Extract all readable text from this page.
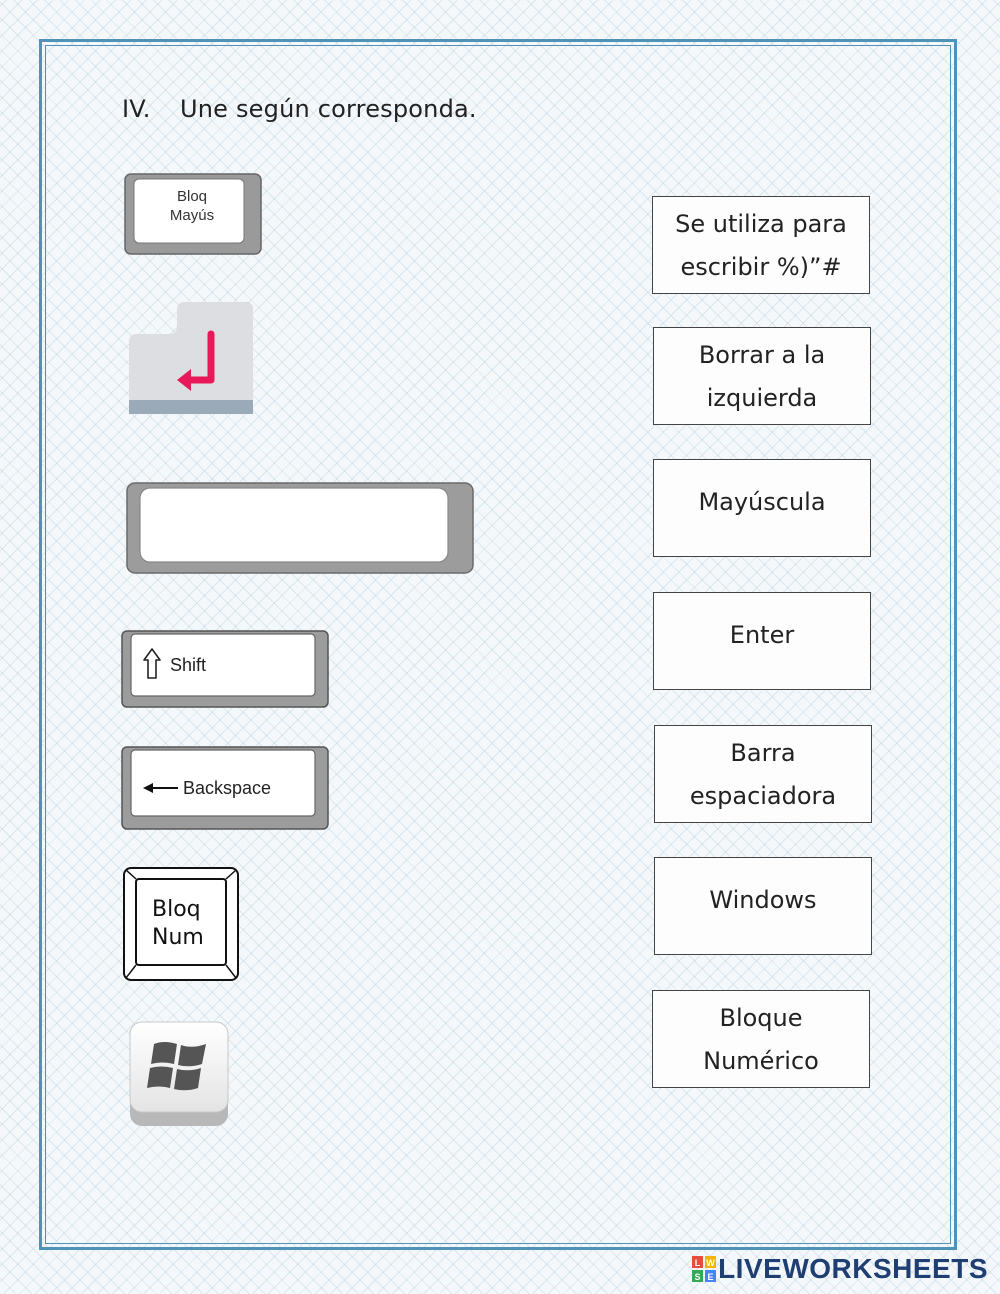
IV. Une según corresponda.
Bloq
Mayús
Shift
Backspace
Bloq
Num
Se utiliza para
escribir %)”#
Borrar a la
izquierda
Mayúscula
Enter
Barra
espaciadora
Windows
Bloque
Numérico
L W
S E LIVEWORKSHEETS
